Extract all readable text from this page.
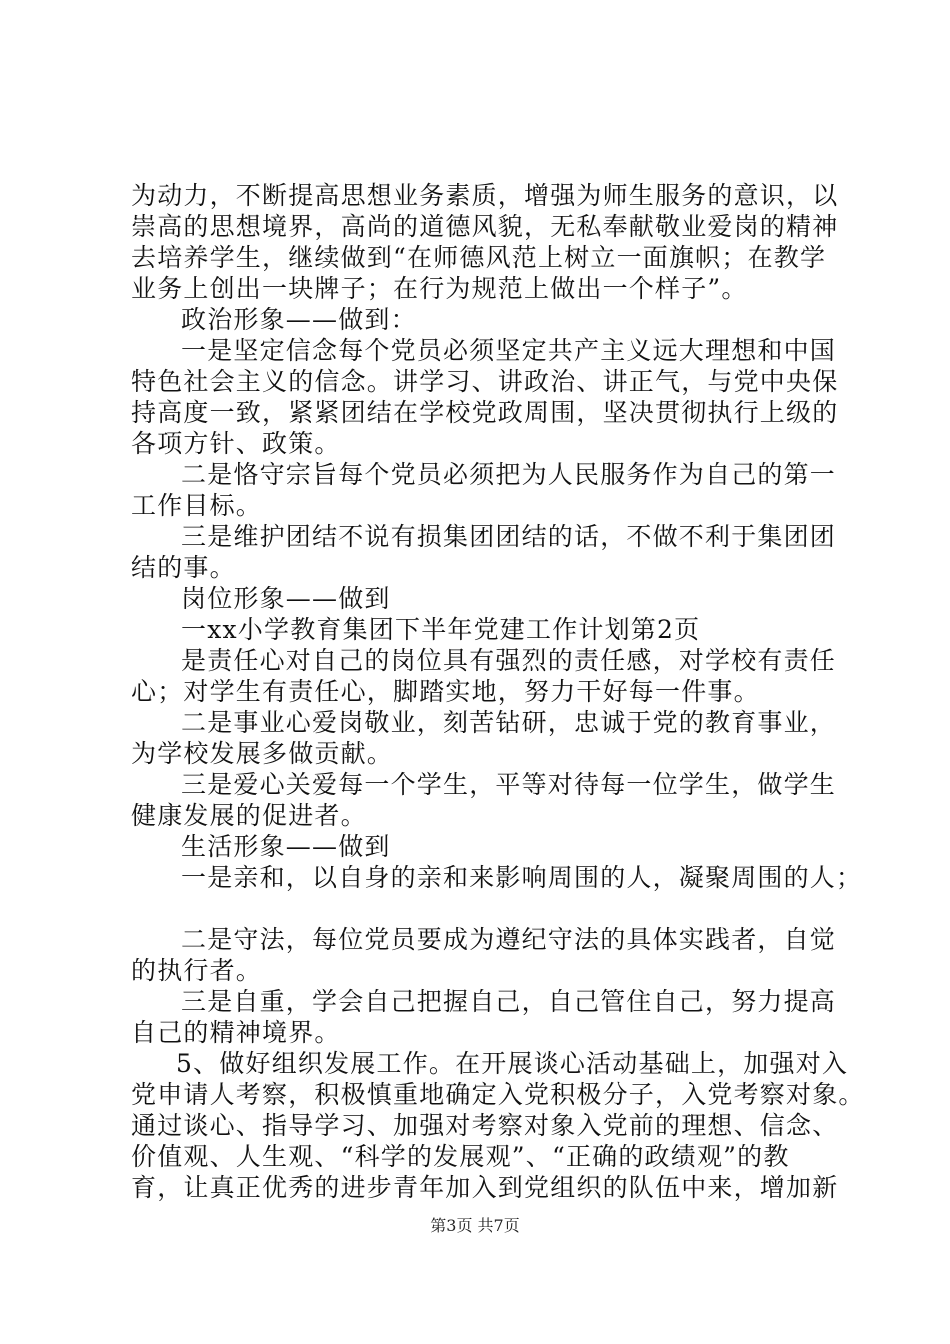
为动力，不断提高思想业务素质，增强为师生服务的意识，以

崇高的思想境界，高尚的道德风貌，无私奉献敬业爱岗的精神

去培养学生，继续做到“在师德风范上树立一面旗帜；在教学

业务上创出一块牌子；在行为规范上做出一个样子”。

政治形象——做到：

一是坚定信念每个党员必须坚定共产主义远大理想和中国

特色社会主义的信念。讲学习、讲政治、讲正气，与党中央保

持高度一致，紧紧团结在学校党政周围，坚决贯彻执行上级的

各项方针、政策。

二是恪守宗旨每个党员必须把为人民服务作为自己的第一

工作目标。

三是维护团结不说有损集团团结的话，不做不利于集团团

结的事。

岗位形象——做到

一xx小学教育集团下半年党建工作计划第2页

是责任心对自己的岗位具有强烈的责任感，对学校有责任

心；对学生有责任心，脚踏实地，努力干好每一件事。

二是事业心爱岗敬业，刻苦钻研，忠诚于党的教育事业，

为学校发展多做贡献。

三是爱心关爱每一个学生，平等对待每一位学生，做学生

健康发展的促进者。

生活形象——做到

一是亲和，以自身的亲和来影响周围的人，凝聚周围的人；

二是守法，每位党员要成为遵纪守法的具体实践者，自觉

的执行者。

三是自重，学会自己把握自己，自己管住自己，努力提高

自己的精神境界。

5、做好组织发展工作。在开展谈心活动基础上，加强对入

党申请人考察，积极慎重地确定入党积极分子，入党考察对象。

通过谈心、指导学习、加强对考察对象入党前的理想、信念、

价值观、人生观、“科学的发展观”、“正确的政绩观”的教

育，让真正优秀的进步青年加入到党组织的队伍中来，增加新

第3页 共7页
